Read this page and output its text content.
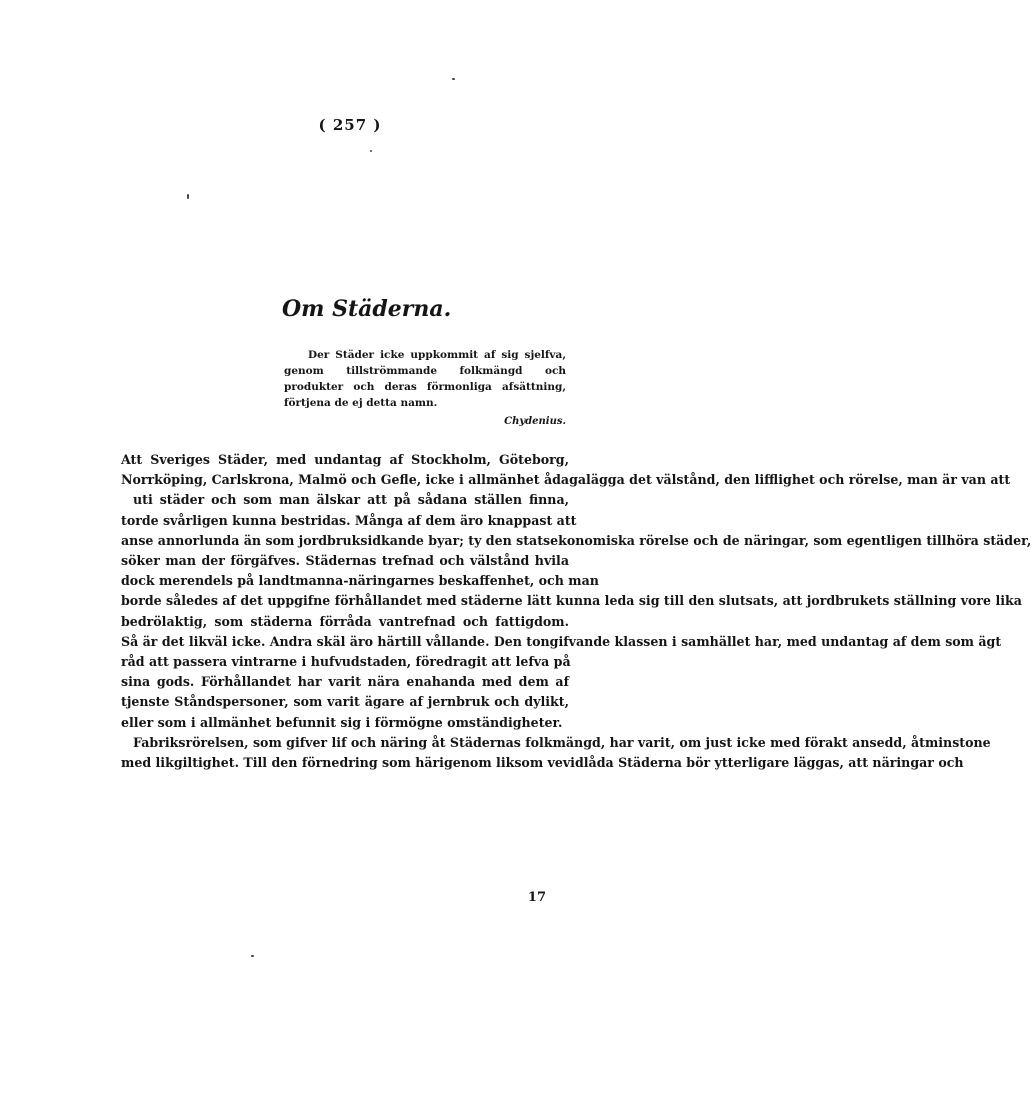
( 257 )
Om Städerna.

Der Städer icke uppkommit af sig sjelfva, genom tillströmmande folkmängd och produkter och deras förmonliga afsättning, förtjena de ej detta namn.

Chydenius.
Att Sveriges Städer, med undantag af Stockholm, Göteborg,
Norrköping, Carlskrona, Malmö och Gefle, icke i allmänhet ådagalägga det välstånd, den lifflighet och rörelse, man är van att
uti städer och som man älskar att på sådana ställen finna,
torde svårligen kunna bestridas. Många af dem äro knappast att
anse annorlunda än som jordbruksidkande byar; ty den statsekonomiska rörelse och de näringar, som egentligen tillhöra städer,
söker man der förgäfves. Städernas trefnad och välstånd hvila
dock merendels på landtmanna-näringarnes beskaffenhet, och man
borde således af det uppgifne förhållandet med städerne lätt kunna leda sig till den slutsats, att jordbrukets ställning vore lika
bedrölaktig, som städerna förråda vantrefnad och fattigdom.
Så är det likväl icke. Andra skäl äro härtill vållande. Den tongifvande klassen i samhället har, med undantag af dem som ägt
råd att passera vintrarne i hufvudstaden, föredragit att lefva på
sina gods. Förhållandet har varit nära enahanda med dem af
tjenste Ståndspersoner, som varit ägare af jernbruk och dylikt,
eller som i allmänhet befunnit sig i förmögne omständigheter.
Fabriksrörelsen, som gifver lif och näring åt Städernas folkmängd, har varit, om just icke med förakt ansedd, åtminstone
med likgiltighet. Till den förnedring som härigenom liksom vevidlåda Städerna bör ytterligare läggas, att näringar och
17
